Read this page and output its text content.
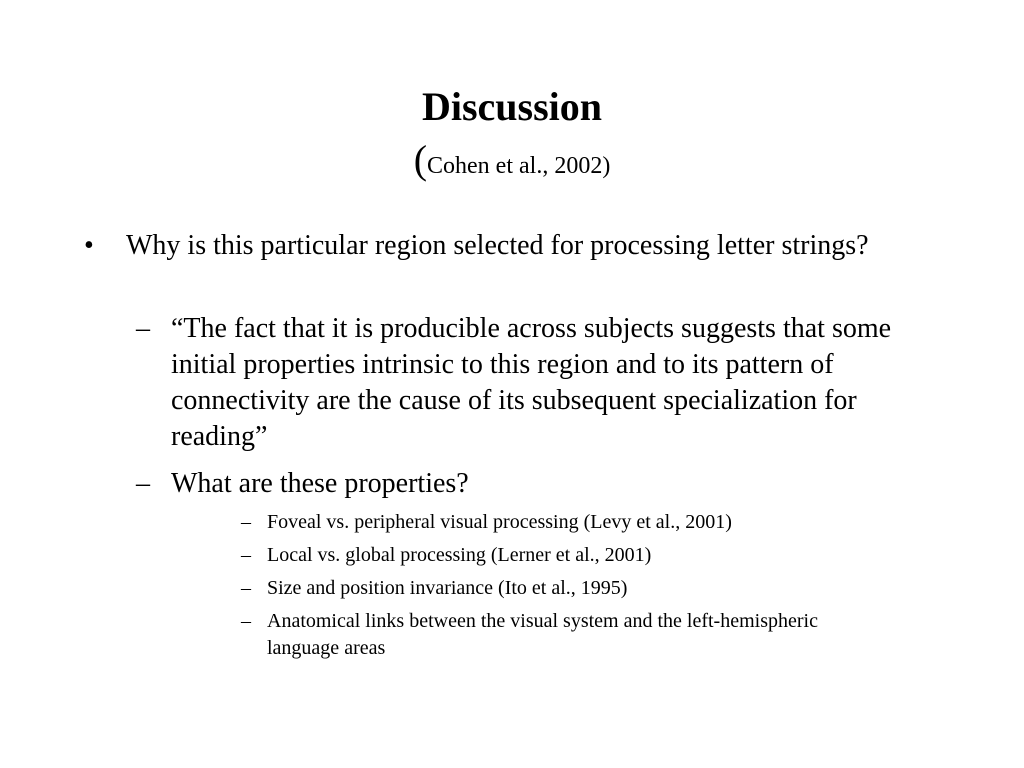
Discussion
(Cohen et al., 2002)
•	Why is this particular region selected for processing letter strings?
– “The fact that it is producible across subjects suggests that some initial properties intrinsic to this region and to its pattern of connectivity are the cause of its subsequent specialization for reading”
– What are these properties?
– Foveal vs. peripheral visual processing (Levy et al., 2001)
– Local vs. global processing (Lerner et al., 2001)
– Size and position invariance (Ito et al., 1995)
– Anatomical links between the visual system and the left-hemispheric language areas
